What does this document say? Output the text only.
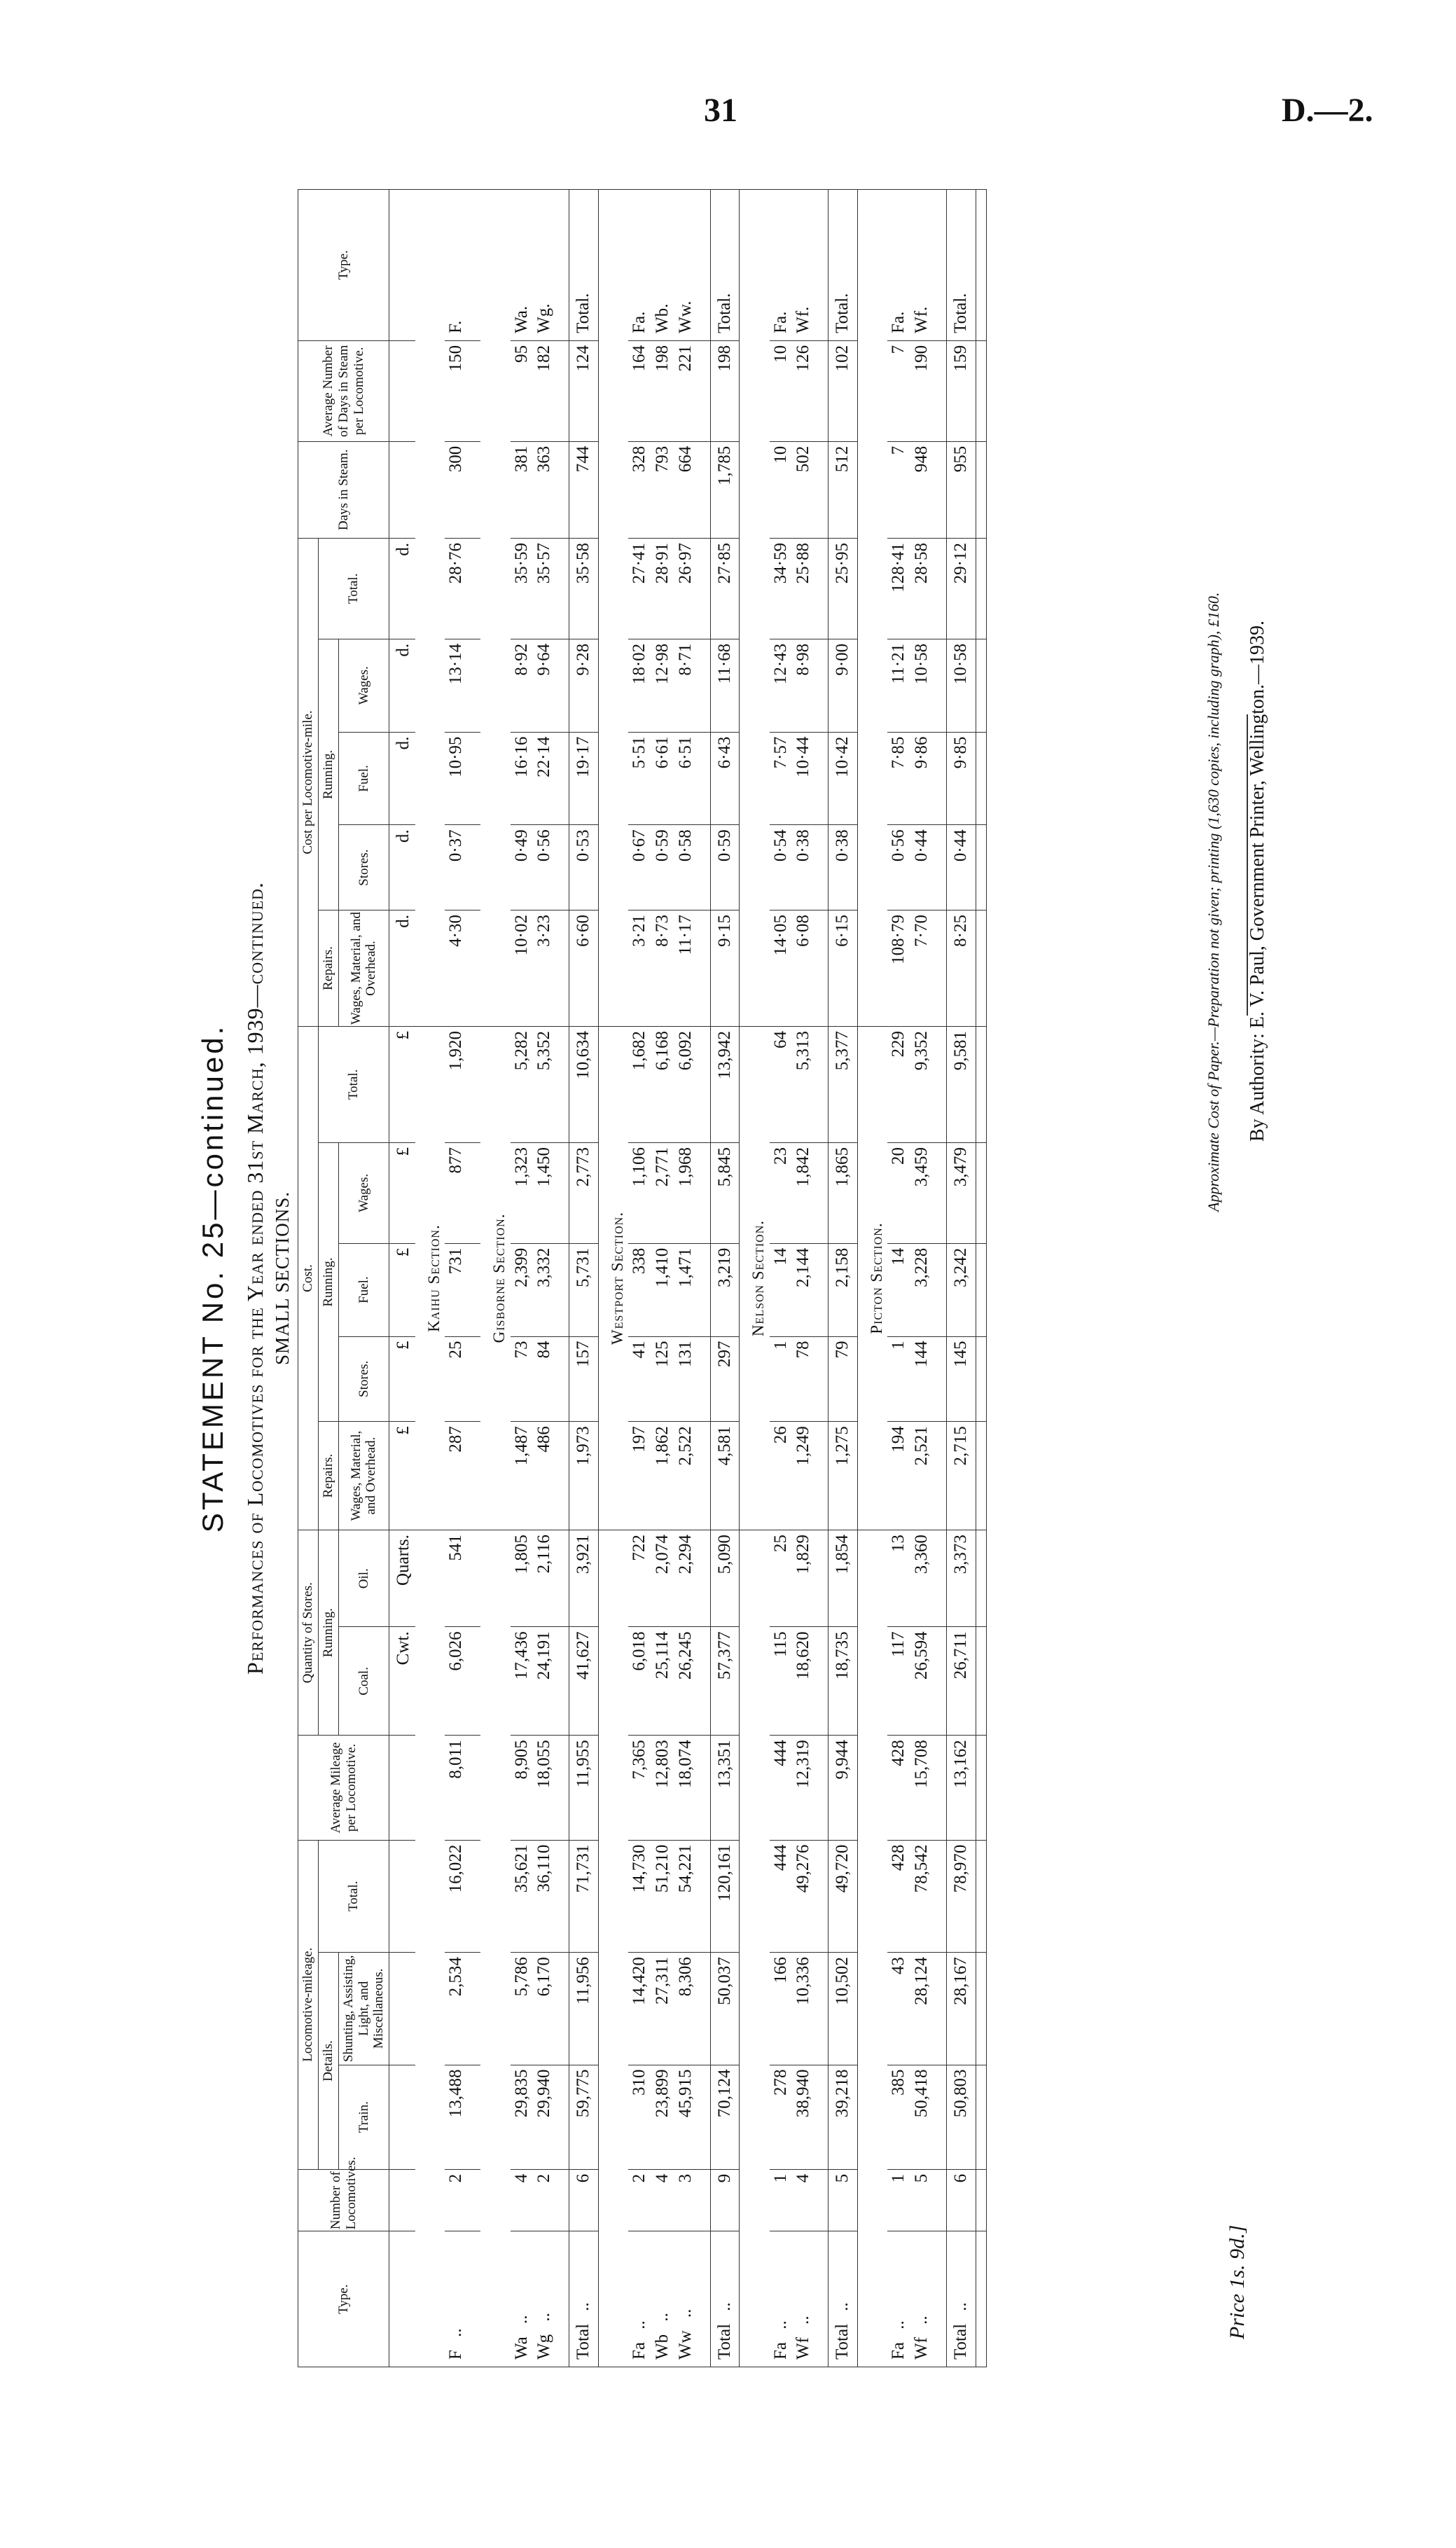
31	D.—2.
STATEMENT No. 25—continued. Performances of Locomotives for the Year ended 31st March, 1939—continued. SMALL SECTIONS.
Type.	Number of Locomotives.	Locomotive-mileage.			Average Mileage per Locomotive.	Quantity of Stores.		Cost.					Cost per Locomotive-mile.					Days in Steam.	Average Number of Days in Steam per Locomotive.	Type.
		Details.		Total.		Running.		Repairs.	Running.			Total.	Repairs.	Running.			Total.			
		Train.	Shunting, Assisting, Light, and Miscellaneous.			Coal.	Oil.	Wages, Material, and Overhead.	Stores.	Fuel.	Wages.		Wages, Material, and Overhead.	Stores.	Fuel.	Wages.				
						Cwt.	Quarts.	£	£	£	£	£	d.	d.	d.	d.	d.			
								Kaihu Section.												
F ..	2	13,488	2,534	16,022	8,011	6,026	541	287	25	731	877	1,920	4·30	0·37	10·95	13·14	28·76	300	150	F.

								Gisborne Section.												
Wa ..	4	29,835	5,786	35,621	8,905	17,436	1,805	1,487	73	2,399	1,323	5,282	10·02	0·49	16·16	8·92	35·59	381	95	Wa.
Wg ..	2	29,940	6,170	36,110	18,055	24,191	2,116	486	84	3,332	1,450	5,352	3·23	0·56	22·14	9·64	35·57	363	182	Wg.

Total ..	6	59,775	11,956	71,731	11,955	41,627	3,921	1,973	157	5,731	2,773	10,634	6·60	0·53	19·17	9·28	35·58	744	124	Total.
								Westport Section.												
Fa ..	2	310	14,420	14,730	7,365	6,018	722	197	41	338	1,106	1,682	3·21	0·67	5·51	18·02	27·41	328	164	Fa.
Wb ..	4	23,899	27,311	51,210	12,803	25,114	2,074	1,862	125	1,410	2,771	6,168	8·73	0·59	6·61	12·98	28·91	793	198	Wb.
Ww ..	3	45,915	8,306	54,221	18,074	26,245	2,294	2,522	131	1,471	1,968	6,092	11·17	0·58	6·51	8·71	26·97	664	221	Ww.

Total ..	9	70,124	50,037	120,161	13,351	57,377	5,090	4,581	297	3,219	5,845	13,942	9·15	0·59	6·43	11·68	27·85	1,785	198	Total.
								Nelson Section.												
Fa ..	1	278	166	444	444	115	25	26	1	14	23	64	14·05	0·54	7·57	12·43	34·59	10	10	Fa.
Wf ..	4	38,940	10,336	49,276	12,319	18,620	1,829	1,249	78	2,144	1,842	5,313	6·08	0·38	10·44	8·98	25·88	502	126	Wf.

Total ..	5	39,218	10,502	49,720	9,944	18,735	1,854	1,275	79	2,158	1,865	5,377	6·15	0·38	10·42	9·00	25·95	512	102	Total.
								Picton Section.												
Fa ..	1	385	43	428	428	117	13	194	1	14	20	229	108·79	0·56	7·85	11·21	128·41	7	7	Fa.
Wf ..	5	50,418	28,124	78,542	15,708	26,594	3,360	2,521	144	3,228	3,459	9,352	7·70	0·44	9·86	10·58	28·58	948	190	Wf.

Total ..	6	50,803	28,167	78,970	13,162	26,711	3,373	2,715	145	3,242	3,479	9,581	8·25	0·44	9·85	10·58	29·12	955	159	Total.

Price 1s. 9d.]
Approximate Cost of Paper.—Preparation not given; printing (1,630 copies, including graph), £160. By Authority: E. V. Paul, Government Printer, Wellington.—1939.
